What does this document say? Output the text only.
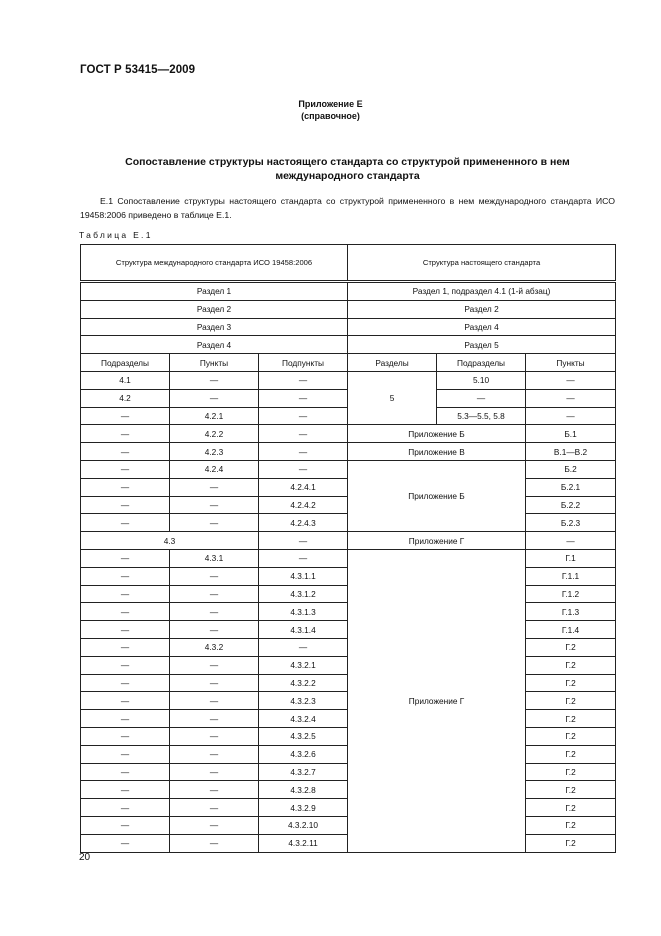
ГОСТ Р 53415—2009
Приложение Е
(справочное)
Сопоставление структуры настоящего стандарта со структурой примененного в нем
международного стандарта
Е.1 Сопоставление структуры настоящего стандарта со структурой примененного в нем международного стандарта ИСО 19458:2006 приведено в таблице Е.1.
Таблица Е.1
Структура международного стандарта ИСО 19458:2006			Структура настоящего стандарта		
Раздел 1			Раздел 1, подраздел 4.1 (1-й абзац)		
Раздел 2			Раздел 2		
Раздел 3			Раздел 4		
Раздел 4			Раздел 5		
Подразделы	Пункты	Подпункты	Разделы	Подразделы	Пункты
4.1	—	—	5	5.10	—
4.2	—	—		—	—
—	4.2.1	—		5.3—5.5, 5.8	—
—	4.2.2	—	Приложение Б		Б.1
—	4.2.3	—	Приложение В		В.1—В.2
—	4.2.4	—	Приложение Б		Б.2
—	—	4.2.4.1			Б.2.1
—	—	4.2.4.2			Б.2.2
—	—	4.2.4.3			Б.2.3
4.3		—	Приложение Г		—
—	4.3.1	—	Приложение Г		Г.1
—	—	4.3.1.1			Г.1.1
—	—	4.3.1.2			Г.1.2
—	—	4.3.1.3			Г.1.3
—	—	4.3.1.4			Г.1.4
—	4.3.2	—			Г.2
—	—	4.3.2.1			Г.2
—	—	4.3.2.2			Г.2
—	—	4.3.2.3			Г.2
—	—	4.3.2.4			Г.2
—	—	4.3.2.5			Г.2
—	—	4.3.2.6			Г.2
—	—	4.3.2.7			Г.2
—	—	4.3.2.8			Г.2
—	—	4.3.2.9			Г.2
—	—	4.3.2.10			Г.2
—	—	4.3.2.11			Г.2
20
